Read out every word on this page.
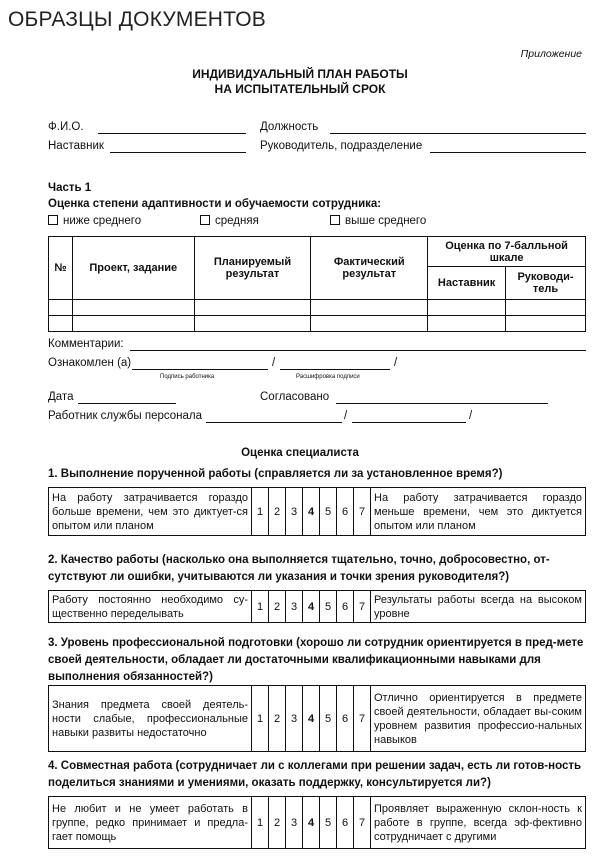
ОБРАЗЦЫ ДОКУМЕНТОВ
Приложение
ИНДИВИДУАЛЬНЫЙ ПЛАН РАБОТЫ
НА ИСПЫТАТЕЛЬНЫЙ СРОК
Ф.И.О.	Должность
Наставник	Руководитель, подразделение
Часть 1
Оценка степени адаптивности и обучаемости сотрудника:
ниже среднего	средняя	выше среднего
№	Проект, задание	Планируемый результат	Фактический результат	Оценка по 7-балльной шкале	
				Наставник	Руководи-тель

Комментарии:
Ознакомлен (а)	/	/
Подпись работника	Расшифровка подписи
Дата	Согласовано
Работник службы персонала	/	/
Оценка специалиста
1. Выполнение порученной работы (справляется ли за установленное время?)
На работу затрачивается гораздо больше времени, чем это диктует-ся опытом или планом	1	2	3	4	5	6	7	На работу затрачивается гораздо меньше времени, чем это диктуется опытом или планом
2. Качество работы (насколько она выполняется тщательно, точно, добросовестно, от-сутствуют ли ошибки, учитываются ли указания и точки зрения руководителя?)
Работу постоянно необходимо су-щественно переделывать	1	2	3	4	5	6	7	Результаты работы всегда на высоком уровне
3. Уровень профессиональной подготовки (хорошо ли сотрудник ориентируется в пред-мете своей деятельности, обладает ли достаточными квалификационными навыками для выполнения обязанностей?)
Знания предмета своей деятель-ности слабые, профессиональные навыки развиты недостаточно	1	2	3	4	5	6	7	Отлично ориентируется в предмете своей деятельности, обладает вы-соким уровнем развития профессио-нальных навыков
4. Совместная работа (сотрудничает ли с коллегами при решении задач, есть ли готов-ность поделиться знаниями и умениями, оказать поддержку, консультируется ли?)
Не любит и не умеет работать в группе, редко принимает и предла-гает помощь	1	2	3	4	5	6	7	Проявляет выраженную склон-ность к работе в группе, всегда эф-фективно сотрудничает с другими
